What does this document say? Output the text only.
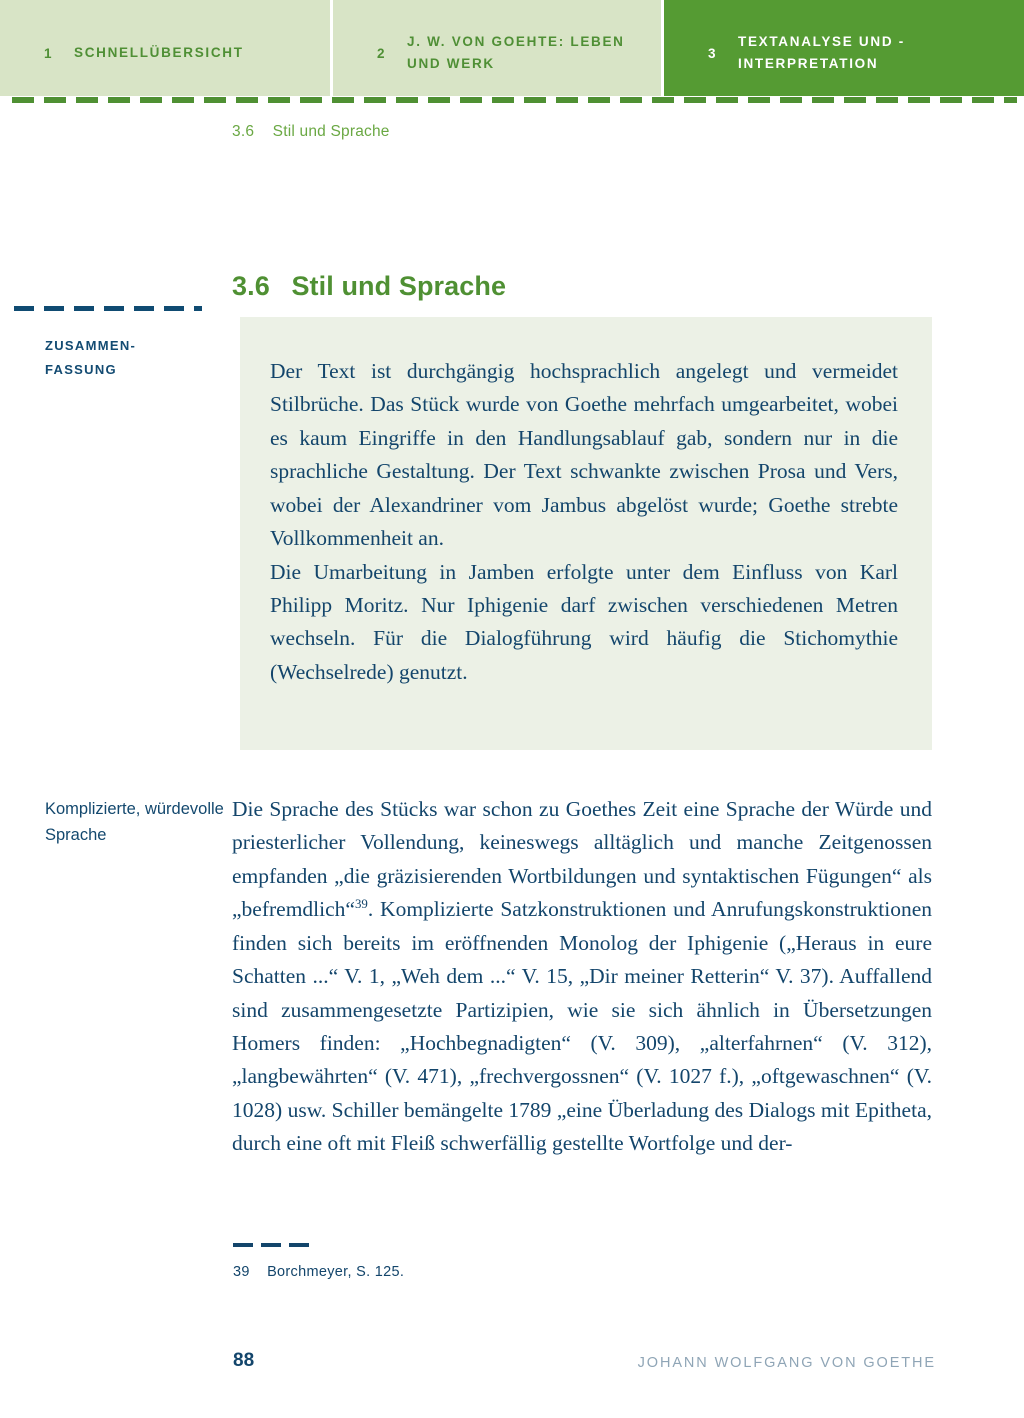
1	SCHNELLÜBERSICHT	2
J. W. VON GOEHTE: LEBEN UND WERK
3
TEXTANALYSE UND -INTERPRETATION
3.6 Stil und Sprache
3.6 Stil und Sprache
ZUSAMMEN-
FASSUNG
Komplizierte, würdevolle Sprache

Der Text ist durchgängig hochsprachlich angelegt und vermeidet Stilbrüche. Das Stück wurde von Goethe mehrfach umgearbeitet, wobei es kaum Eingriffe in den Handlungsablauf gab, sondern nur in die sprachliche Gestaltung. Der Text schwankte zwischen Prosa und Vers, wobei der Alexandriner vom Jambus abgelöst wurde; Goethe strebte Vollkommenheit an.

Die Umarbeitung in Jamben erfolgte unter dem Einfluss von Karl Philipp Moritz. Nur Iphigenie darf zwischen verschiedenen Metren wechseln. Für die Dialogführung wird häufig die Stichomythie (Wechselrede) genutzt.

Die Sprache des Stücks war schon zu Goethes Zeit eine Sprache der Würde und priesterlicher Vollendung, keineswegs alltäglich und manche Zeitgenossen empfanden „die gräzisierenden Wortbildungen und syntaktischen Fügungen“ als „befremdlich“$^{39}$. Komplizierte Satzkonstruktionen und Anrufungskonstruktionen finden sich bereits im eröffnenden Monolog der Iphigenie („Heraus in eure Schatten ...“ V. 1, „Weh dem ...“ V. 15, „Dir meiner Retterin“ V. 37). Auffallend sind zusammengesetzte Partizipien, wie sie sich ähnlich in Übersetzungen Homers finden: „Hochbegnadigten“ (V. 309), „alterfahrnen“ (V. 312), „langbewährten“ (V. 471), „frechvergossnen“ (V. 1027 f.), „oftgewaschnen“ (V. 1028) usw. Schiller bemängelte 1789 „eine Überladung des Dialogs mit Epitheta, durch eine oft mit Fleiß schwerfällig gestellte Wortfolge und der-

39 Borchmeyer, S. 125.
88	JOHANN WOLFGANG VON GOETHE
